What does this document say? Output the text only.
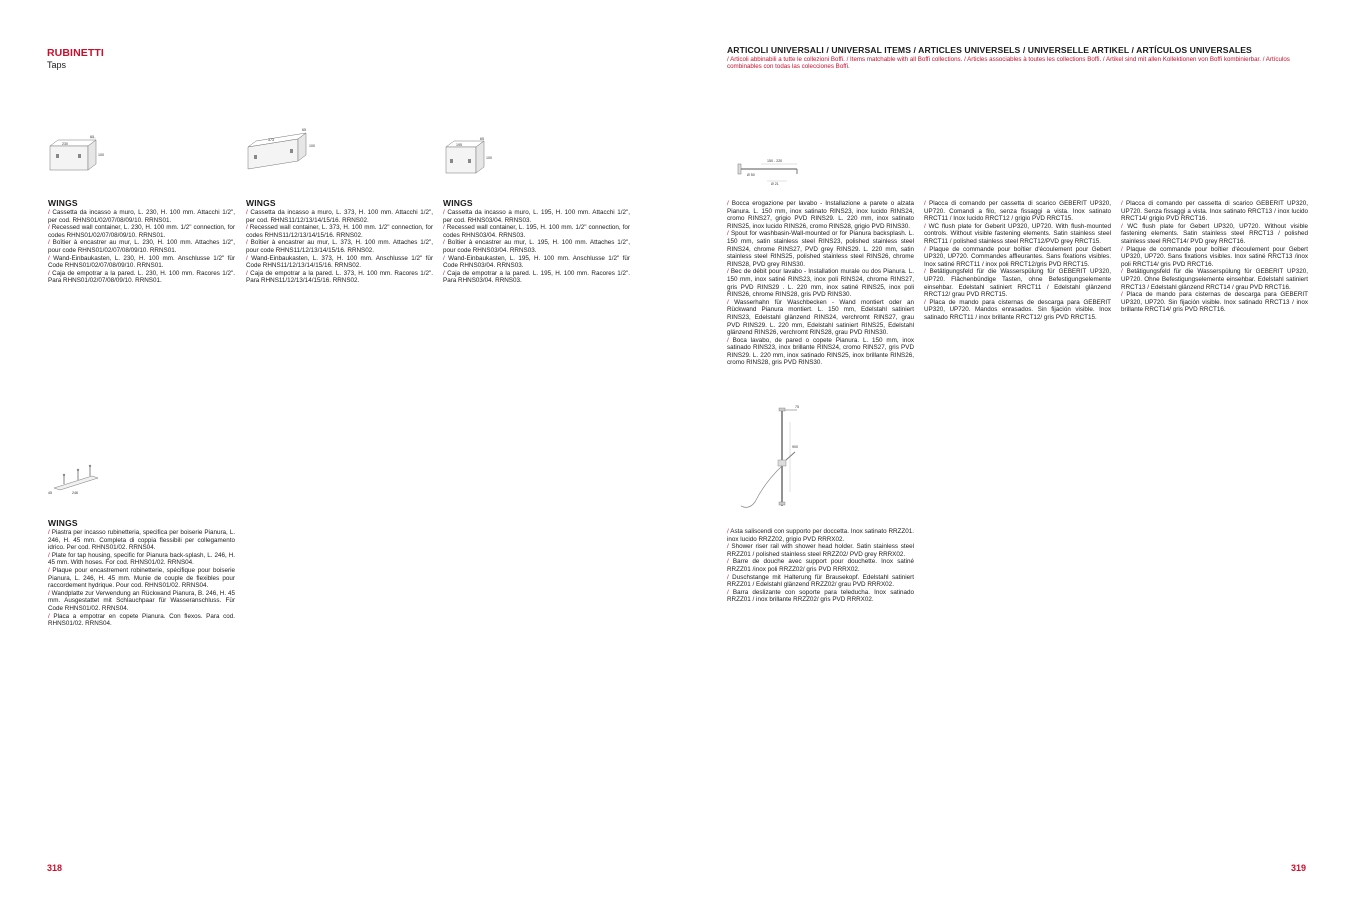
RUBINETTI
Taps
230
65
100
373
65
100	195
65
100
WINGS

/ Cassetta da incasso a muro, L. 230, H. 100 mm. Attacchi 1/2", per cod. RHNS01/02/07/08/09/10. RRNS01.

/ Recessed wall container, L. 230, H. 100 mm. 1/2" connection, for codes RHNS01/02/07/08/09/10. RRNS01.

/ Boîtier à encastrer au mur, L. 230, H. 100 mm. Attaches 1/2", pour code RHNS01/02/07/08/09/10. RRNS01.

/ Wand-Einbaukasten, L. 230, H. 100 mm. Anschlusse 1/2" für Code RHNS01/02/07/08/09/10. RRNS01.

/ Caja de empotrar a la pared. L. 230, H. 100 mm. Racores 1/2". Para RHNS01/02/07/08/09/10. RRNS01.

WINGS

/ Cassetta da incasso a muro, L. 373, H. 100 mm. Attacchi 1/2", per cod. RHNS11/12/13/14/15/16. RRNS02.

/ Recessed wall container, L. 373, H. 100 mm. 1/2" connection, for codes RHNS11/12/13/14/15/16. RRNS02.

/ Boîtier à encastrer au mur, L. 373, H. 100 mm. Attaches 1/2", pour code RHNS11/12/13/14/15/16. RRNS02.

/ Wand-Einbaukasten, L. 373, H. 100 mm. Anschlusse 1/2" für Code RHNS11/12/13/14/15/16. RRNS02.

/ Caja de empotrar a la pared. L. 373, H. 100 mm. Racores 1/2". Para RHNS11/12/13/14/15/16. RRNS02.

WINGS

/ Cassetta da incasso a muro, L. 195, H. 100 mm. Attacchi 1/2", per cod. RHNS03/04. RRNS03.

/ Recessed wall container, L. 195, H. 100 mm. 1/2" connection, for codes RHNS03/04. RRNS03.

/ Boîtier à encastrer au mur, L. 195, H. 100 mm. Attaches 1/2", pour code RHNS03/04. RRNS03.

/ Wand-Einbaukasten, L. 195, H. 100 mm. Anschlusse 1/2" für Code RHNS03/04. RRNS03.

/ Caja de empotrar a la pared. L. 195, H. 100 mm. Racores 1/2". Para RHNS03/04. RRNS03.

246
45
WINGS

/ Piastra per incasso rubinetteria, specifica per boiserie Pianura, L. 246, H. 45 mm. Completa di coppia flessibili per collegamento idrico. Per cod. RHNS01/02. RRNS04.

/ Plate for tap housing, specific for Pianura back-splash, L. 246, H. 45 mm. With hoses. For cod. RHNS01/02. RRNS04.

/ Plaque pour encastrement robinetterie, spécifique pour boiserie Pianura, L. 246, H. 45 mm. Munie de couple de flexibles pour raccordement hydrique. Pour cod. RHNS01/02. RRNS04.

/ Wandplatte zur Verwendung an Rückwand Pianura, B. 246, H. 45 mm. Ausgestattet mit Schlauchpaar für Wasseranschluss. Für Code RHNS01/02. RRNS04.

/ Placa a empotrar en copete Pianura. Con flexos. Para cod. RHNS01/02. RRNS04.

318
ARTICOLI UNIVERSALI / UNIVERSAL ITEMS / ARTICLES UNIVERSELS / UNIVERSELLE ARTIKEL / ARTÍCULOS UNIVERSALES
/ Articoli abbinabili a tutte le collezioni Boffi. / Items matchable with all Boffi collections. / Articles associables à toutes les collections Boffi. / Artikel sind mit allen Kollektionen von Boffi kombinierbar. / Artículos combinables con todas las colecciones Boffi.
150 - 220
Ø 50
Ø 21

/ Bocca erogazione per lavabo - Installazione a parete o alzata Pianura. L. 150 mm, inox satinato RINS23, inox lucido RINS24, cromo RINS27, grigio PVD RINS29. L. 220 mm, inox satinato RINS25, inox lucido RINS26, cromo RINS28, grigio PVD RINS30.

/ Spout for washbasin-Wall-mounted or for Pianura backsplash. L. 150 mm, satin stainless steel RINS23, polished stainless steel RINS24, chrome RINS27, PVD grey RINS29. L. 220 mm, satin stainless steel RINS25, polished stainless steel RINS26, chrome RINS28, PVD grey RINS30.

/ Bec de débit pour lavabo - Installation murale ou dos Pianura. L. 150 mm, inox satiné RINS23, inox poli RINS24, chrome RINS27, gris PVD RINS29 . L. 220 mm, inox satiné RINS25, inox poli RINS26, chrome RINS28, gris PVD RINS30.

/ Wasserhahn für Waschbecken - Wand montiert oder an Rückwand Pianura montiert. L. 150 mm, Edelstahl satiniert RINS23, Edelstahl glänzend RINS24, verchromt RINS27, grau PVD RINS29. L. 220 mm, Edelstahl satiniert RINS25, Edelstahl glänzend RINS26, verchromt RINS28, grau PVD RINS30.

/ Boca lavabo, de pared o copete Pianura. L. 150 mm, inox satinado RINS23, inox brillante RINS24, cromo RINS27, gris PVD RINS29. L. 220 mm, inox satinado RINS25, inox brillante RINS26, cromo RINS28, gris PVD RINS30.

/ Placca di comando per cassetta di scarico GEBERIT UP320, UP720. Comandi a filo, senza fissaggi a vista. Inox satinato RRCT11 / Inox lucido RRCT12 / grigio PVD RRCT15.

/ WC flush plate for Geberit UP320, UP720. With flush-mounted controls. Without visible fastening elements. Satin stainless steel RRCT11 / polished stainless steel RRCT12/PVD grey RRCT15.

/ Plaque de commande pour boîtier d'écoulement pour Gebert UP320, UP720. Commandes affleurantes. Sans fixations visibles. Inox satiné RRCT11 / inox poli RRCT12/gris PVD RRCT15.

/ Betätigungsfeld für die Wasserspülung für GEBERIT UP320, UP720. Flächenbündige Tasten, ohne Befestigungselemente einsehbar. Edelstahl satiniert RRCT11 / Edelstahl glänzend RRCT12/ grau PVD RRCT15.

/ Placa de mando para cisternas de descarga para GEBERIT UP320, UP720. Mandos enrasados. Sin fijación visible. Inox satinado RRCT11 / inox brillante RRCT12/ gris PVD RRCT15.

/ Placca di comando per cassetta di scarico GEBERIT UP320, UP720. Senza fissaggi a vista. Inox satinato RRCT13 / inox lucido RRCT14/ grigio PVD RRCT16.

/ WC flush plate for Gebert UP320, UP720. Without visible fastening elements. Satin stainless steel RRCT13 / polished stainless steel RRCT14/ PVD grey RRCT16.

/ Plaque de commande pour boîtier d'écoulement pour Gebert UP320, UP720. Sans fixations visibles. Inox satiné RRCT13 /inox poli RRCT14/ gris PVD RRCT16.

/ Betätigungsfeld für die Wasserspülung für GEBERIT UP320, UP720. Ohne Befestigungselemente einsehbar. Edelstahl satiniert RRCT13 / Edelstahl glänzend RRCT14 / grau PVD RRCT16.

/ Placa de mando para cisternas de descarga para GEBERIT UP320, UP720. Sin fijación visible. Inox satinado RRCT13 / inox brillante RRCT14/ gris PVD RRCT16.

75
900

/ Asta saliscendi con supporto per doccetta. Inox satinato RRZZ01. inox lucido RRZZ02, grigio PVD RRRX02.

/ Shower riser rail with shower head holder. Satin stainless steel RRZZ01 / polished stainless steel RRZZ02/ PVD grey RRRX02.

/ Barre de douche avec support pour douchette. Inox satiné RRZZ01 /inox poli RRZZ02/ gris PVD RRRX02.

/ Duschstange mit Halterung für Brausekopf. Edelstahl satiniert RRZZ01 / Edelstahl glänzend RRZZ02/ grau PVD RRRX02.

/ Barra deslizante con soporte para teleducha. Inox satinado RRZZ01 / inox brillante RRZZ02/ gris PVD RRRX02.

319
